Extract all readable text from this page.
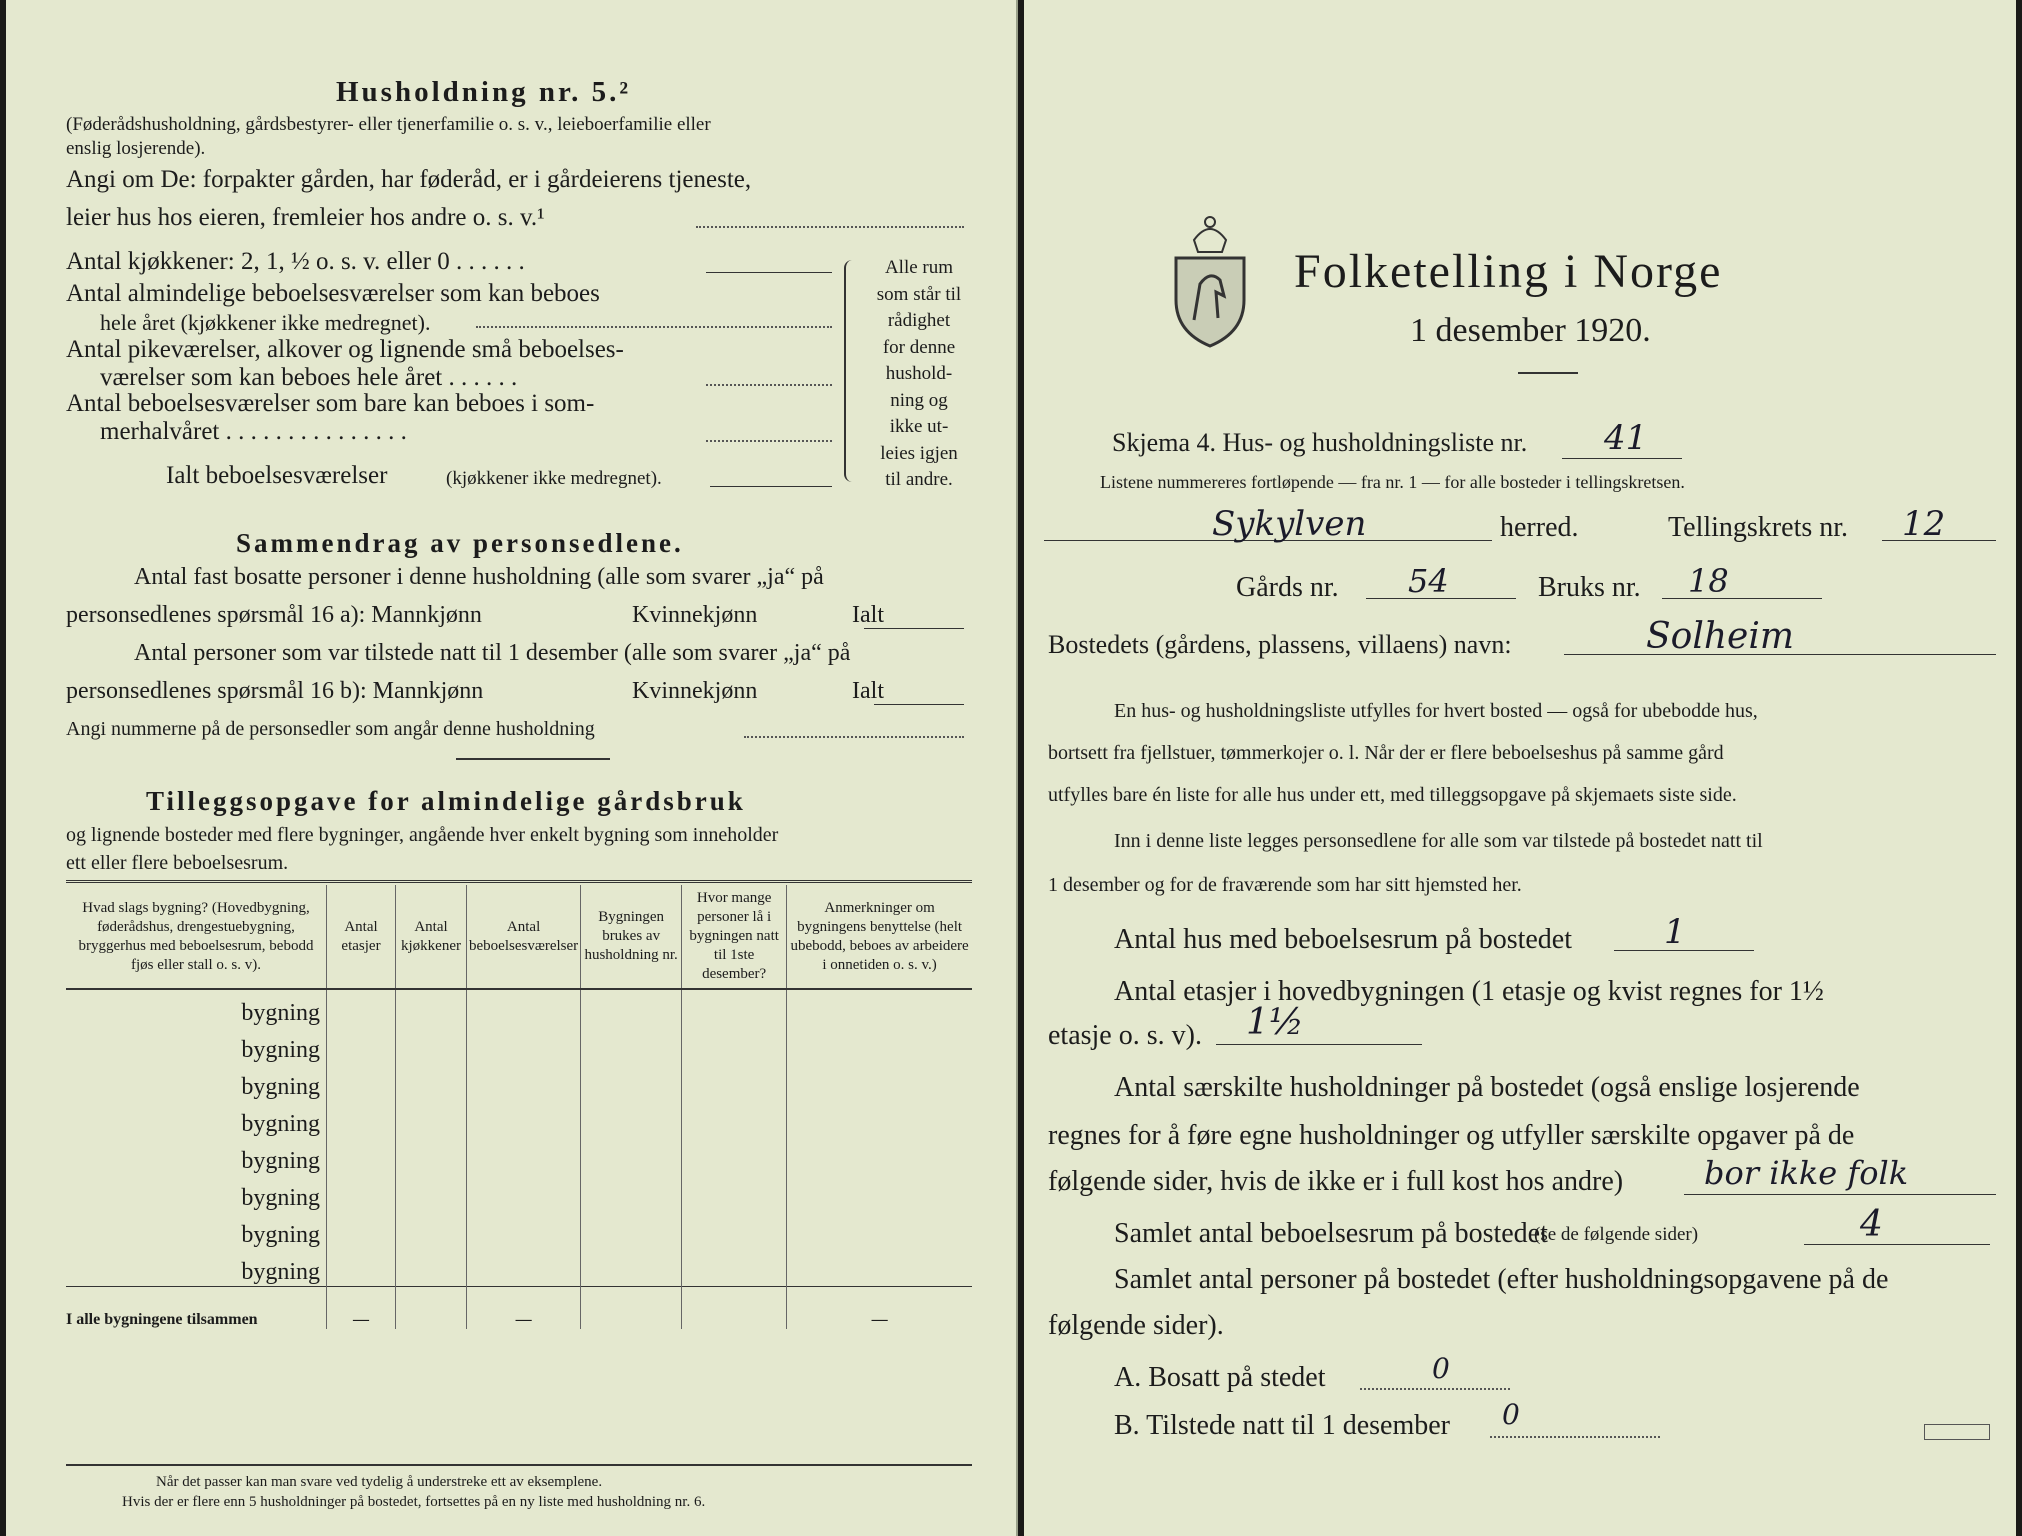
Husholdning nr. 5.²
(Føderådshusholdning, gårdsbestyrer- eller tjenerfamilie o. s. v., leieboerfamilie eller
enslig losjerende).
Angi om De: forpakter gården, har føderåd, er i gårdeierens tjeneste,
leier hus hos eieren, fremleier hos andre o. s. v.¹
Antal kjøkkener: 2, 1, ½ o. s. v. eller 0 . . . . . .
Antal almindelige beboelsesværelser som kan beboes
hele året (kjøkkener ikke medregnet).
Antal pikeværelser, alkover og lignende små beboelses-
værelser som kan beboes hele året . . . . . .
Antal beboelsesværelser som bare kan beboes i som-
merhalvåret . . . . . . . . . . . . . . .
Ialt beboelsesværelser	(kjøkkener ikke medregnet).
Alle rum
som står til
rådighet
for denne
hushold-
ning og
ikke ut-
leies igjen
til andre.
Sammendrag av personsedlene.
Antal fast bosatte personer i denne husholdning (alle som svarer „ja“ på
personsedlenes spørsmål 16 a): Mannkjønn	Kvinnekjønn	Ialt
Antal personer som var tilstede natt til 1 desember (alle som svarer „ja“ på
personsedlenes spørsmål 16 b): Mannkjønn	Kvinnekjønn	Ialt
Angi nummerne på de personsedler som angår denne husholdning
Tilleggsopgave for almindelige gårdsbruk
og lignende bosteder med flere bygninger, angående hver enkelt bygning som inneholder
ett eller flere beboelsesrum.
Hvad slags bygning? (Hovedbygning, føderådshus, drengestuebygning, bryggerhus med beboelsesrum, bebodd fjøs eller stall o. s. v).	Antal etasjer	Antal kjøkkener	Antal beboelsesværelser	Bygningen brukes av husholdning nr.	Hvor mange personer lå i bygningen natt til 1ste desember?	Anmerkninger om bygningens benyttelse (helt ubebodd, beboes av arbeidere i onnetiden o. s. v.)
bygning						
bygning						
bygning						
bygning						
bygning						
bygning						
bygning						
bygning						
I alle bygningene tilsammen	—		—			—
Når det passer kan man svare ved tydelig å understreke ett av eksemplene.
Hvis der er flere enn 5 husholdninger på bostedet, fortsettes på en ny liste med husholdning nr. 6.
Folketelling i Norge
1 desember 1920.
Skjema 4. Hus- og husholdningsliste nr. 41
Listene nummereres fortløpende — fra nr. 1 — for alle bosteder i tellingskretsen.
Sykylven	herred.	Tellingskrets nr. 12
Gårds nr. 54	Bruks nr. 18
Bostedets (gårdens, plassens, villaens) navn:	Solheim
En hus- og husholdningsliste utfylles for hvert bosted — også for ubebodde hus,
bortsett fra fjellstuer, tømmerkojer o. l. Når der er flere beboelseshus på samme gård
utfylles bare én liste for alle hus under ett, med tilleggsopgave på skjemaets siste side.
Inn i denne liste legges personsedlene for alle som var tilstede på bostedet natt til
1 desember og for de fraværende som har sitt hjemsted her.
Antal hus med beboelsesrum på bostedet	1
Antal etasjer i hovedbygningen (1 etasje og kvist regnes for 1½
etasje o. s. v). 1½
Antal særskilte husholdninger på bostedet (også enslige losjerende
regnes for å føre egne husholdninger og utfyller særskilte opgaver på de
følgende sider, hvis de ikke er i full kost hos andre)	bor ikke folk
Samlet antal beboelsesrum på bostedet
(se de følgende sider)	4
Samlet antal personer på bostedet (efter husholdningsopgavene på de
følgende sider).
A. Bosatt på stedet	0
B. Tilstede natt til 1 desember 0
